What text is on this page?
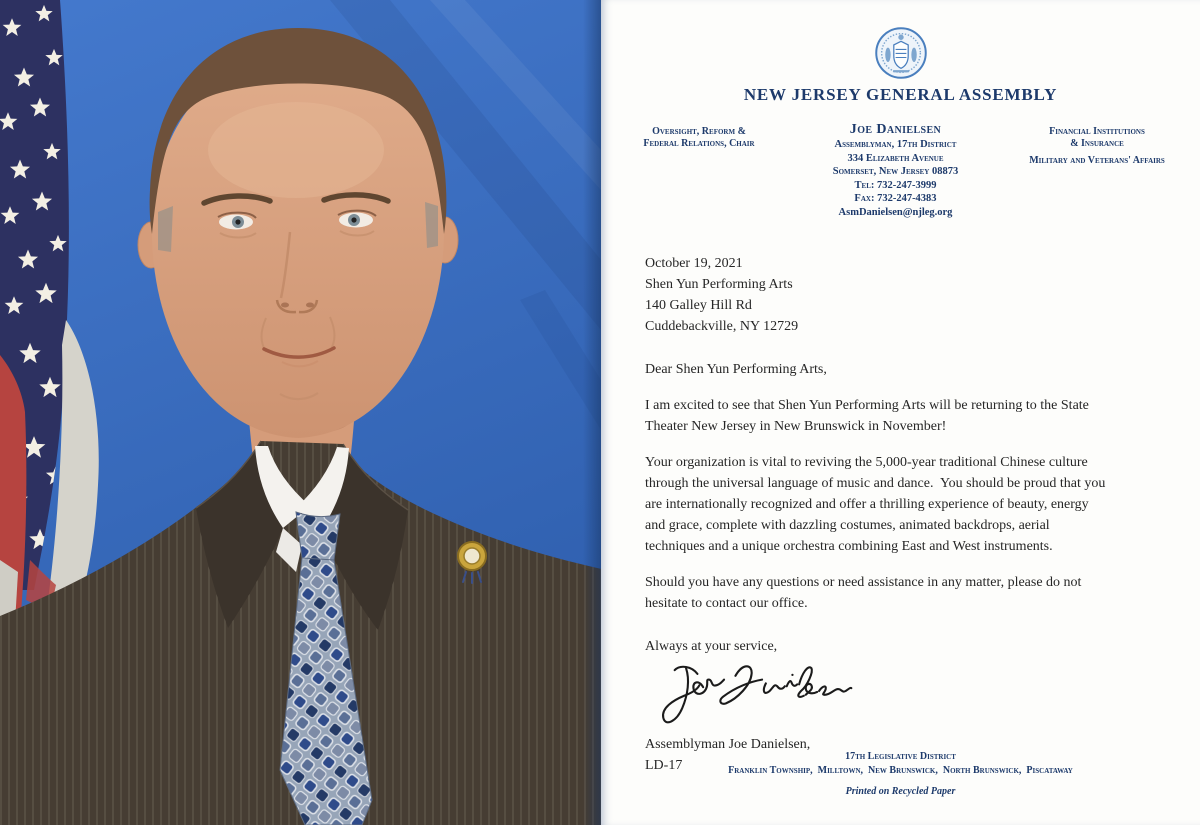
NEW JERSEY GENERAL ASSEMBLY
Oversight, Reform &
Federal Relations, Chair
Joe Danielsen
Assemblyman, 17th District
334 Elizabeth Avenue
Somerset, New Jersey 08873
Tel: 732-247-3999
Fax: 732-247-4383
AsmDanielsen@njleg.org
Financial Institutions
& Insurance
Military and Veterans' Affairs
October 19, 2021
Shen Yun Performing Arts
140 Galley Hill Rd
Cuddebackville, NY 12729
Dear Shen Yun Performing Arts,
I am excited to see that Shen Yun Performing Arts will be returning to the State
Theater New Jersey in New Brunswick in November!
Your organization is vital to reviving the 5,000-year traditional Chinese culture
through the universal language of music and dance.  You should be proud that you
are internationally recognized and offer a thrilling experience of beauty, energy
and grace, complete with dazzling costumes, animated backdrops, aerial
techniques and a unique orchestra combining East and West instruments.
Should you have any questions or need assistance in any matter, please do not
hesitate to contact our office.
Always at your service,
Assemblyman Joe Danielsen,
LD-17
17th Legislative District
Franklin Township,  Milltown,  New Brunswick,  North Brunswick,  Piscataway
Printed on Recycled Paper
